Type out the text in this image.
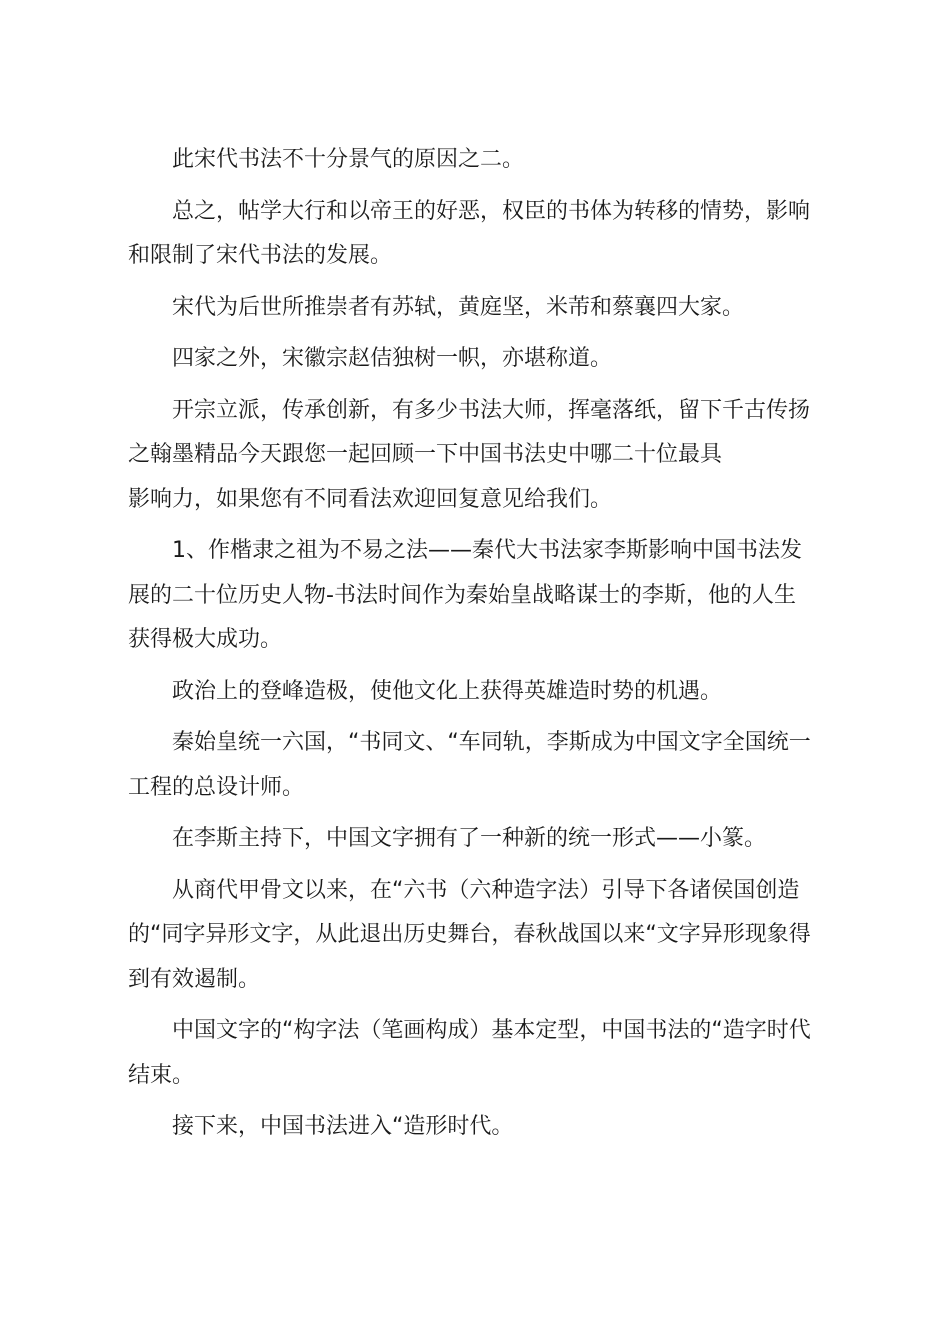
此宋代书法不十分景气的原因之二。
总之，帖学大行和以帝王的好恶，权臣的书体为转移的情势，影响
和限制了宋代书法的发展。
宋代为后世所推崇者有苏轼，黄庭坚，米芾和蔡襄四大家。
四家之外，宋徽宗赵佶独树一帜，亦堪称道。
开宗立派，传承创新，有多少书法大师，挥毫落纸，留下千古传扬
之翰墨精品今天跟您一起回顾一下中国书法史中哪二十位最具
影响力，如果您有不同看法欢迎回复意见给我们。
1、作楷隶之祖为不易之法——秦代大书法家李斯影响中国书法发
展的二十位历史人物-书法时间作为秦始皇战略谋士的李斯，他的人生
获得极大成功。
政治上的登峰造极，使他文化上获得英雄造时势的机遇。
秦始皇统一六国，“书同文、“车同轨，李斯成为中国文字全国统一
工程的总设计师。
在李斯主持下，中国文字拥有了一种新的统一形式——小篆。
从商代甲骨文以来，在“六书（六种造字法）引导下各诸侯国创造
的“同字异形文字，从此退出历史舞台，春秋战国以来“文字异形现象得
到有效遏制。
中国文字的“构字法（笔画构成）基本定型，中国书法的“造字时代
结束。
接下来，中国书法进入“造形时代。
